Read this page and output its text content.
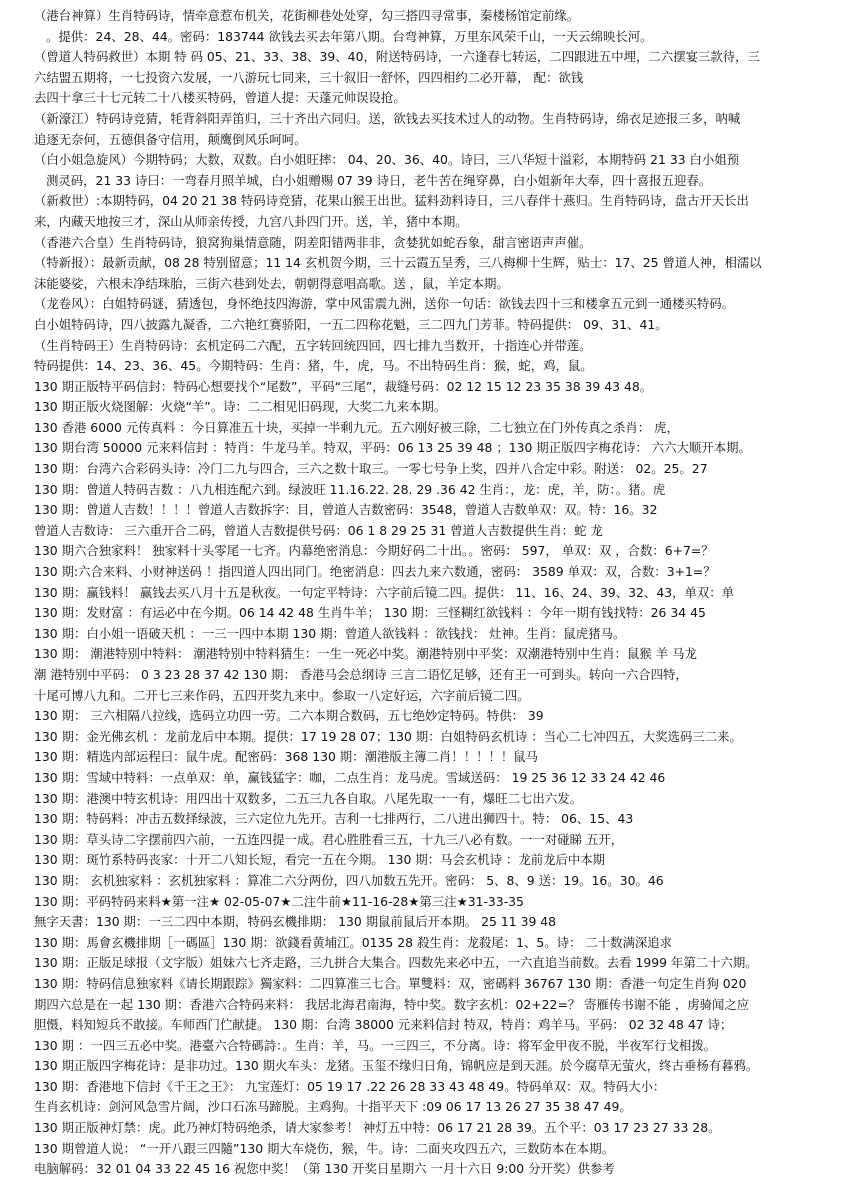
（港台神算）生肖特码诗，情牵意惹布机关，花街柳巷处处穿，勾三搭四寻常事，秦楼杨馆定前缘。
。提供：24、28、44。密码：183744 欲钱去买去年第八期。台弯神算，万里东风荣千山，一天云绵映长河。
（曾道人特码救世）本期 特 码 05、21、33、38、39、40，附送特码诗，一六逢春七转运，二四跟进五中埋，二六摆宴三款待，三
六结盟五期将，一七投资六发展，一八游玩七同来，三十叙旧一舒怀，四四相约二必开幕， 配：欲钱
去四十拿三十七元转二十八楼买特码，曾道人提：天蓬元帅误设抢。
（新濠江）特码诗竞猜，牦背斜阳弄笛归，三十齐出六同归。送，欲钱去买技术过人的动物。生肖特码诗，绵衣足迹报三多，呐喊
追逐无奈何，五德俱备守信用，颠鹰倒风乐呵呵。
（白小姐急旋风）今期特码；大数，双数。白小姐旺摔： 04、20、36、40。诗曰，三八华短十溢彩，本期特码 21 33 白小姐预
测灵码，21 33 诗曰：一弯春月照羊城，白小姐赠赐 07 39 诗日，老牛苦在绳穿鼻，白小姐新年大奉，四十喜报五迎春。
（新救世）:本期特码，04 20 21 38 特码诗竞猜，花果山猴王出世。猛料劲料诗日，三八春伴十燕归。生肖特码诗，盘古开天长出
来，内藏天地按三才，深山从师亲传授，九宫八卦四门开。送，羊，猪中本期。
（香港六合皇）生肖特码诗，狼窝狗巢情意随，阴差阳错两非非，贪婪犹如蛇吞象，甜言密语声声催。
（特新报）：最新贡献，08 28 特别留意；11 14 玄机贺今期，三十云霞五呈秀，三八梅柳十生辉，贴士：17、25 曾道人神，相濡以
沫能婆娑，六根未净结珠胎，三街六巷到处去，朝朝得意唱高歌。送 ，鼠，羊定本期。
（龙卷风）：白姐特码谜，猜透包，身怀绝技四海游，掌中风雷震九洲，送你一句话：欲钱去四十三和楼拿五元到一通楼买特码。
白小姐特码诗，四八披露九凝香，二六艳红赛骄阳，一五二四称花魁，三二四九门芳菲。特码提供： 09、31、41。
（生肖特码王）生肖特码诗：玄机定码二六配，五字转回统四回，四七排九当数开，十指连心并带莲。
特码提供：14、23、36、45。今期特码：生肖：猪，牛，虎，马。不出特码生肖：猴，蛇，鸡，鼠。
130 期正版特平码信封：特码心想要找个“尾数”，平码“三尾”，裁缝号码：02 12 15 12 23 35 38 39 43 48。
130 期正版火烧图解：火烧“羊”。诗：二二相见旧码现，大奖二九来本期。
130 香港 6000 元传真料 ：今日算准五十块，买掉一半剩九元。五六刚好被三除，二七独立在门外传真之杀肖： 虎，
130 期台湾 50000 元来料信封 ：特肖：牛龙马羊。特双，平码：06 13 25 39 48 ；130 期正版四字梅花诗： 六六大顺开本期。
130 期：台湾六合彩码头诗：冷门二九与四合，三六之数十取三。一零七号争上奖，四并八合定中彩。附送： 02。25。27
130 期：曾道人特码吉数 ：八九相连配六到。绿波旺 11.16.22. 28. 29 .36 42 生肖：，龙：虎，羊，防：。猪。虎
130 期：曾道人吉数！！！！曾道人吉数拆字：目，曾道人吉数密码：3548，曾道人吉数单双：双。特：16。32
曾道人吉数诗： 三六重开合二码，曾道人吉数提供号码：06 1 8 29 25 31 曾道人吉数提供生肖：蛇 龙
130 期六合独家料！ 独家料十头零尾一七齐。内幕绝密消息：今期好码二十出。。密码： 597， 单双：双 ，合数：6+7=？
130 期:六合来料、小财神送码 ！指四道人四出同门。绝密消息：四去九来六数通，密码： 3589 单双：双，合数：3+1=？
130 期：赢钱料！ 赢钱去买八月十五是秋夜。一句定平特诗：六字前后镜二四。提供： 11、16、24、39、32、43，单双：单
130 期：发财富 ：有运必中在今期。06 14 42 48 生肖牛羊； 130 期：三怪糊红欲钱料 ：今年一期有钱找特：26 34 45
130 期：白小姐一语破天机 ：一三一四中本期 130 期：曾道人欲钱料 ：欲钱找： 灶神。生肖：鼠虎猪马。
130 期： 潮港特别中特料： 潮港特别中特料猜生：一生一死必中奖。潮港特别中平奖：双潮港特别中生肖：鼠猴 羊 马龙
潮 港特别中平码： 0 3 23 28 37 42 130 期： 香港马会总纲诗 三言二语忆足够，还有王一可到头。转向一六合四特，
十尾可博八九和。二开七三来作码，五四开奖九来中。参取一八定好运，六字前后镜二四。
130 期： 三六相隔八拉线，选码立功四一劳。二六本期合数码，五七绝妙定特码。特供： 39
130 期：金光佛玄机 ：龙前龙后中本期。提供：17 19 28 07；130 期：白姐特码玄机诗 ：当心二七冲四五，大奖选码三二来。
130 期：精选内部运程曰：鼠牛虎。配密码：368 130 期：潮港版主簿二肖！！！！！鼠马
130 期：雪域中特料：一点单双：单，赢钱猛字：咖，二点生肖：龙马虎。雪域送码： 19 25 36 12 33 24 42 46
130 期：港澳中特玄机诗：用四出十双数多，二五三九各自取。八尾先取一一有，爆旺二七出六发。
130 期：特码料：冲击五数择绿波，三六定位九先开。吉利一七排两行，二八进出狮四十。特： 06、15、43
130 期：草头诗二字摆前四六前，一五连四提一成。君心胜胜看三五，十九三八必有数。一一对碰睇 五开，
130 期：斑竹系特码丧家：十开二八知长短，看完一五在今期。 130 期：马会玄机诗 ：龙前龙后中本期
130 期： 玄机独家料 ：玄机独家料 ：算准二六分两份，四八加数五先开。密码： 5、8、9 送：19。16。30。46
130 期：平码特码来料★第一注★ 02-05-07★二注牛前★11-16-28★第三注★31-33-35
無字天書：130 期：一三二四中本期，特码玄機排期： 130 期鼠前鼠后开本期。 25 11 39 48
130 期：馬會玄機排期［一碼區］130 期：欲錢看黄埔江。0135 28 殺生肖：龙殺尾：1、5。诗： 二十数满深追求
130 期：正版足球报（文字版）姐妹六七齐走路，三九拼合大集合。四数先来必中五，一六直追当前数。去看 1999 年第二十六期。
130 期：特码信息独家料《请长期跟踪》獨家料：二四算准三七合。單雙料：双，密碼料 36767 130 期：香港一句定生肖狗 020
期四六总是在一起 130 期：香港六合特码来料： 我居北海君南海，特中奖。数字玄机：02+22=？ 寄雁传书谢不能 ，虏骑闻之应
胆慑，料知短兵不敢接。车师西门伫献捷。 130 期：台湾 38000 元来料信封 特双，特肖：鸡羊马。平码： 02 32 48 47 诗；
130 期 ：一四三五必中奖。港臺六合特碼詩：。生肖：羊，马。一三四三，不分离。诗：将军金甲夜不脱，半夜军行戈相拨。
130 期正版四字梅花诗：是非功过。130 期火车头：龙猪。玉玺不缘归日角，锦帆应是到天涯。於今腐草无萤火，终古垂杨有暮鸦。
130 期：香港地下信封《千王之王》： 九宝莲灯：05 19 17 .22 26 28 33 43 48 49。特码单双：双。特码大小：
生肖玄机诗：剑河风急雪片阔，沙口石冻马蹄脱。主鸡狗。十指平天下 :09 06 17 13 26 27 35 38 47 49。
130 期正版神灯禁：虎。此乃神灯特码绝杀，请大家参考！ 神灯五中特：06 17 21 28 39。五个平：03 17 23 27 33 28。
130 期曾道人说： “一开八跟三四隨”130 期大车烧伤，猴，牛。诗：二面夹攻四五六，三数防本在本期。
电脑解码：32 01 04 33 22 45 16 祝您中奖！（第 130 开奖日星期六 一月十六日 9:00 分开奖）供参考
